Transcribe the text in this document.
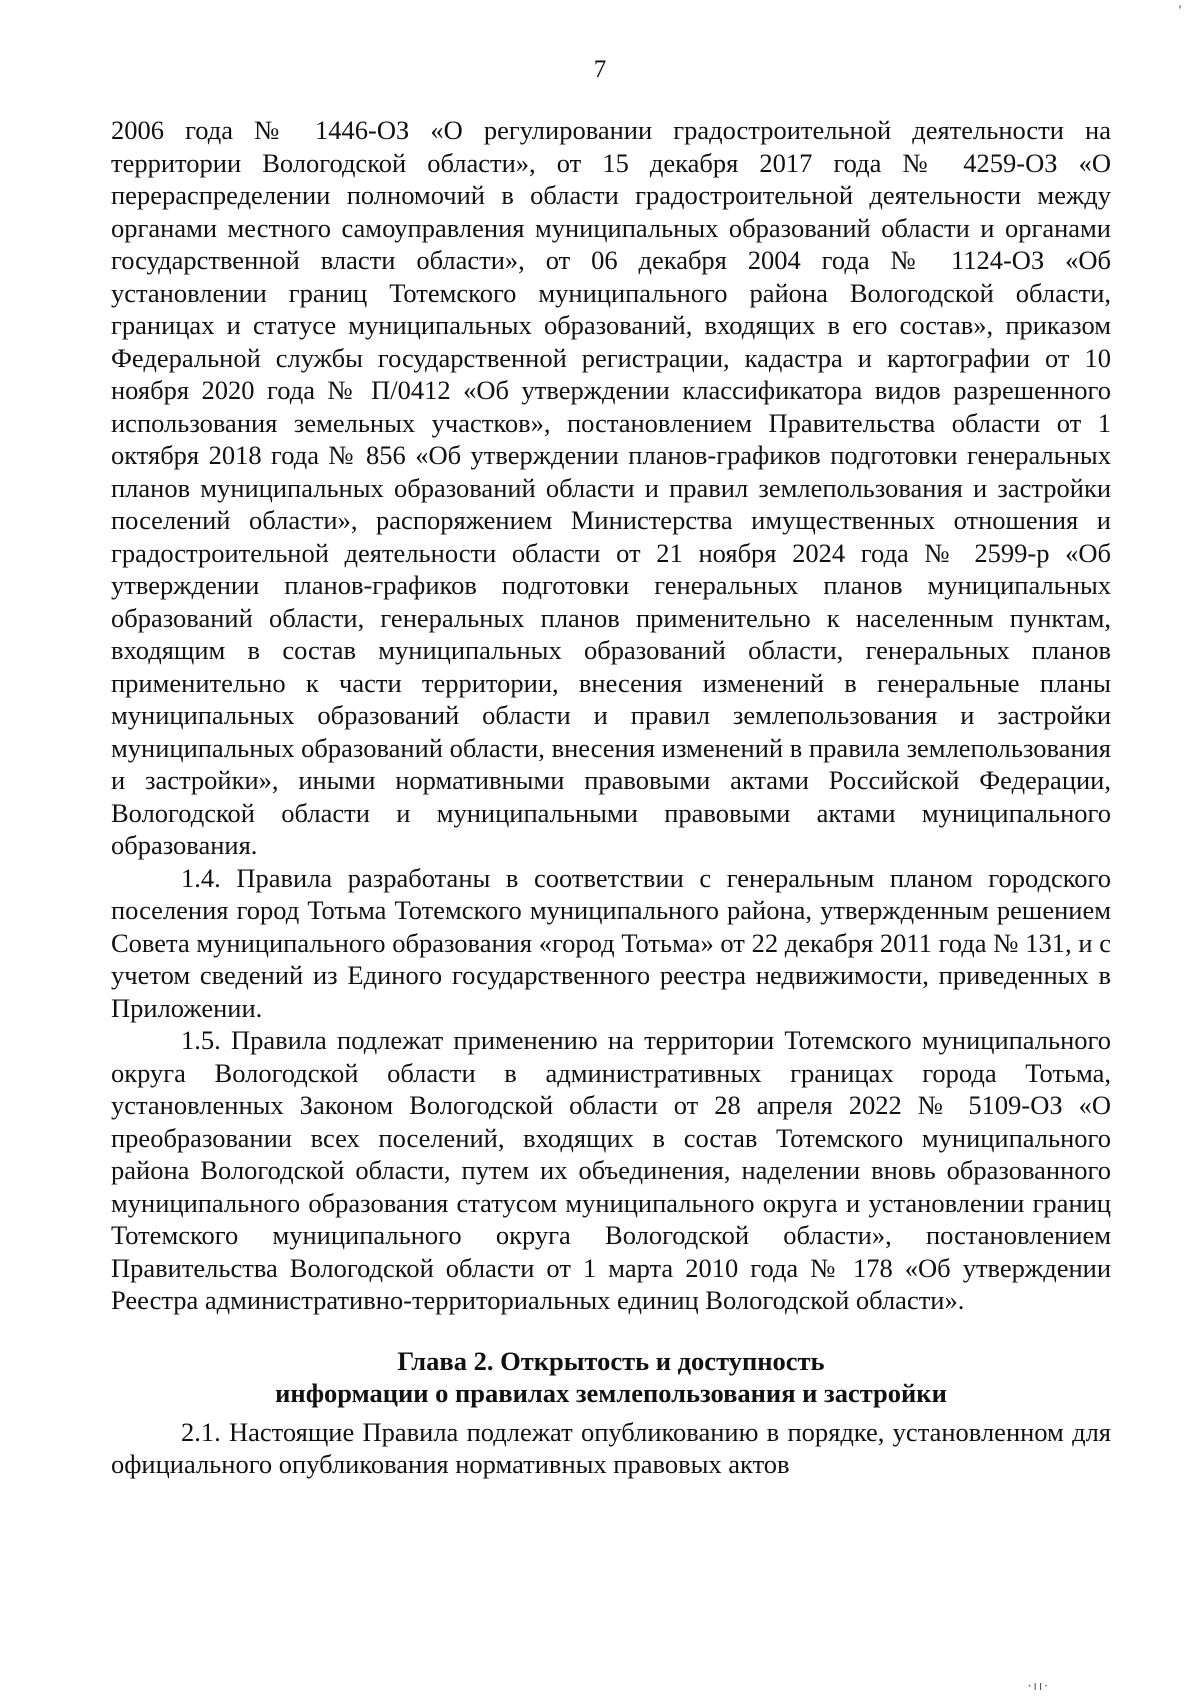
7

2006 года № 1446-ОЗ «О регулировании градостроительной деятельности на территории Вологодской области», от 15 декабря 2017 года № 4259-ОЗ «О перераспределении полномочий в области градостроительной деятельности между органами местного самоуправления муниципальных образований области и органами государственной власти области», от 06 декабря 2004 года № 1124-ОЗ «Об установлении границ Тотемского муниципального района Вологодской области, границах и статусе муниципальных образований, входящих в его состав», приказом Федеральной службы государственной регистрации, кадастра и картографии от 10 ноября 2020 года № П/0412 «Об утверждении классификатора видов разрешенного использования земельных участков», постановлением Правительства области от 1 октября 2018 года № 856 «Об утверждении планов-графиков подготовки генеральных планов муниципальных образований области и правил землепользования и застройки поселений области», распоряжением Министерства имущественных отношения и градостроительной деятельности области от 21 ноября 2024 года № 2599-р «Об утверждении планов-графиков подготовки генеральных планов муниципальных образований области, генеральных планов применительно к населенным пунктам, входящим в состав муниципальных образований области, генеральных планов применительно к части территории, внесения изменений в генеральные планы муниципальных образований области и правил землепользования и застройки муниципальных образований области, внесения изменений в правила землепользования и застройки», иными нормативными правовыми актами Российской Федерации, Вологодской области и муниципальными правовыми актами муниципального образования.

1.4. Правила разработаны в соответствии с генеральным планом городского поселения город Тотьма Тотемского муниципального района, утвержденным решением Совета муниципального образования «город Тотьма» от 22 декабря 2011 года № 131, и с учетом сведений из Единого государственного реестра недвижимости, приведенных в Приложении.

1.5. Правила подлежат применению на территории Тотемского муниципального округа Вологодской области в административных границах города Тотьма, установленных Законом Вологодской области от 28 апреля 2022 № 5109-ОЗ «О преобразовании всех поселений, входящих в состав Тотемского муниципального района Вологодской области, путем их объединения, наделении вновь образованного муниципального образования статусом муниципального округа и установлении границ Тотемского муниципального округа Вологодской области», постановлением Правительства Вологодской области от 1 марта 2010 года № 178 «Об утверждении Реестра административно-территориальных единиц Вологодской области».

Глава 2. Открытость и доступность
информации о правилах землепользования и застройки

2.1. Настоящие Правила подлежат опубликованию в порядке, установленном для официального опубликования нормативных правовых актов

,
·ıı·
